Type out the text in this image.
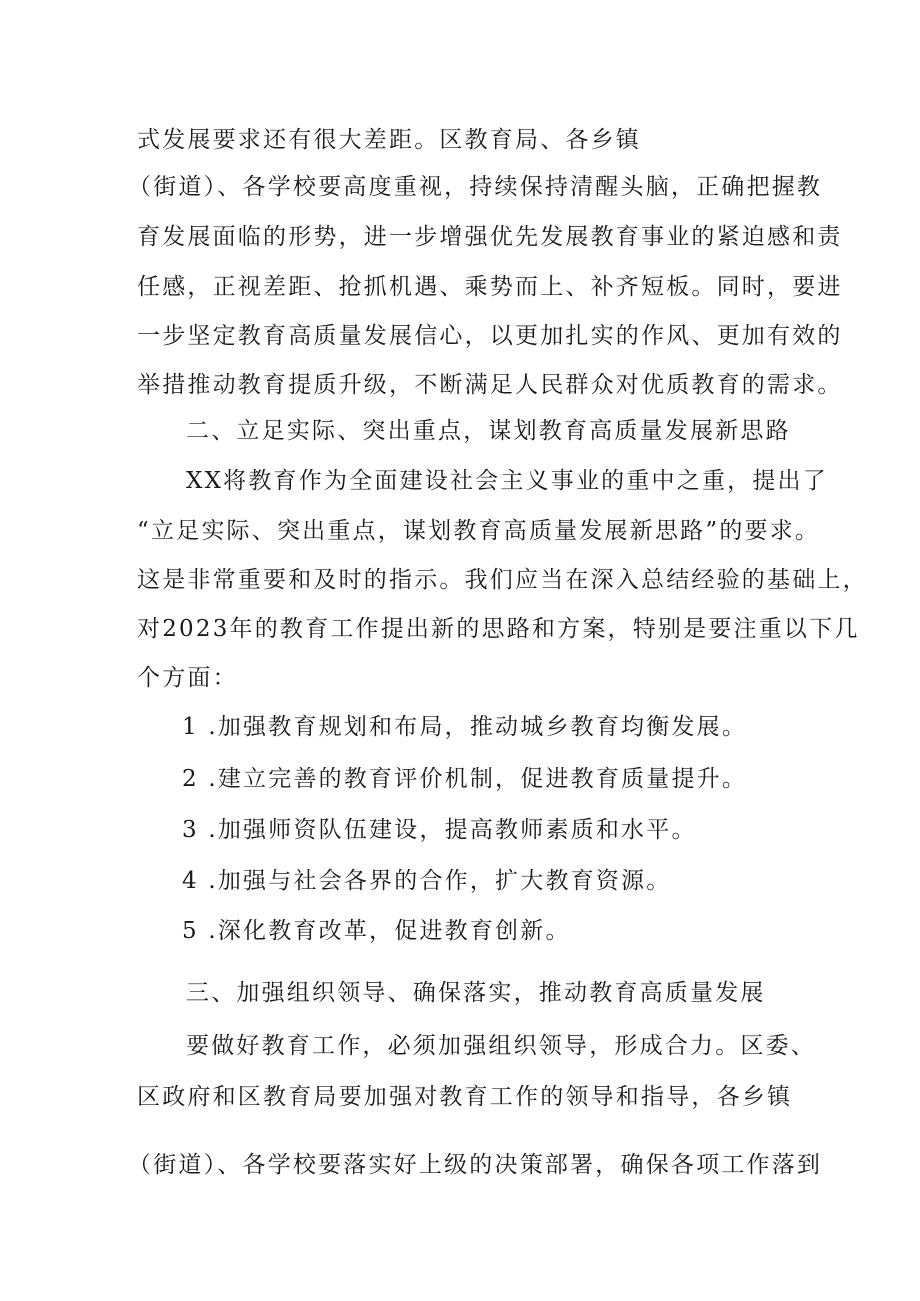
式发展要求还有很大差距。区教育局、各乡镇
（街道）、各学校要高度重视，持续保持清醒头脑，正确把握教
育发展面临的形势，进一步增强优先发展教育事业的紧迫感和责
任感，正视差距、抢抓机遇、乘势而上、补齐短板。同时，要进
一步坚定教育高质量发展信心，以更加扎实的作风、更加有效的
举措推动教育提质升级，不断满足人民群众对优质教育的需求。
二、立足实际、突出重点，谋划教育高质量发展新思路
XX将教育作为全面建设社会主义事业的重中之重，提出了
“立足实际、突出重点，谋划教育高质量发展新思路”的要求。
这是非常重要和及时的指示。我们应当在深入总结经验的基础上，
对2023年的教育工作提出新的思路和方案，特别是要注重以下几
个方面：
1 .加强教育规划和布局，推动城乡教育均衡发展。
2 .建立完善的教育评价机制，促进教育质量提升。
3 .加强师资队伍建设，提高教师素质和水平。
4 .加强与社会各界的合作，扩大教育资源。
5 .深化教育改革，促进教育创新。
三、加强组织领导、确保落实，推动教育高质量发展
要做好教育工作，必须加强组织领导，形成合力。区委、
区政府和区教育局要加强对教育工作的领导和指导，各乡镇
（街道）、各学校要落实好上级的决策部署，确保各项工作落到
